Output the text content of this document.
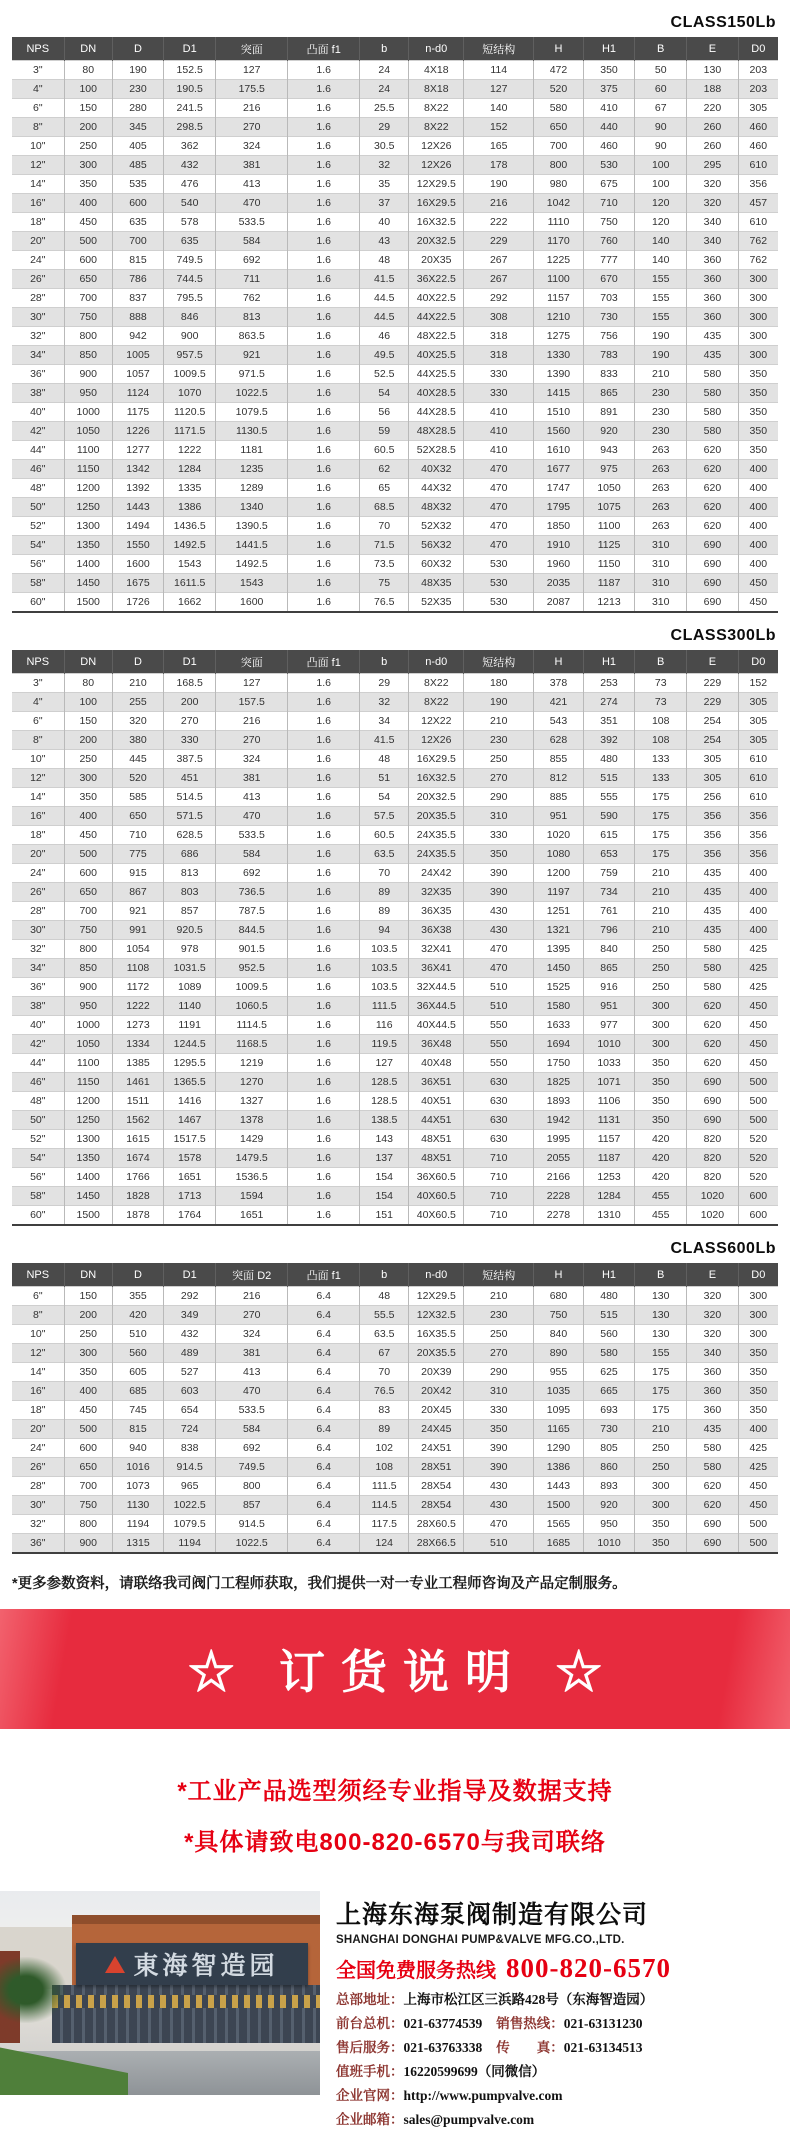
CLASS150Lb
NPS	DN	D	D1	突面	凸面 f1	b	n-d0	短结构	H	H1	B	E	D0
3"	80	190	152.5	127	1.6	24	4X18	114	472	350	50	130	203
4"	100	230	190.5	175.5	1.6	24	8X18	127	520	375	60	188	203
6"	150	280	241.5	216	1.6	25.5	8X22	140	580	410	67	220	305
8"	200	345	298.5	270	1.6	29	8X22	152	650	440	90	260	460
10"	250	405	362	324	1.6	30.5	12X26	165	700	460	90	260	460
12"	300	485	432	381	1.6	32	12X26	178	800	530	100	295	610
14"	350	535	476	413	1.6	35	12X29.5	190	980	675	100	320	356
16"	400	600	540	470	1.6	37	16X29.5	216	1042	710	120	320	457
18"	450	635	578	533.5	1.6	40	16X32.5	222	1110	750	120	340	610
20"	500	700	635	584	1.6	43	20X32.5	229	1170	760	140	340	762
24"	600	815	749.5	692	1.6	48	20X35	267	1225	777	140	360	762
26"	650	786	744.5	711	1.6	41.5	36X22.5	267	1100	670	155	360	300
28"	700	837	795.5	762	1.6	44.5	40X22.5	292	1157	703	155	360	300
30"	750	888	846	813	1.6	44.5	44X22.5	308	1210	730	155	360	300
32"	800	942	900	863.5	1.6	46	48X22.5	318	1275	756	190	435	300
34"	850	1005	957.5	921	1.6	49.5	40X25.5	318	1330	783	190	435	300
36"	900	1057	1009.5	971.5	1.6	52.5	44X25.5	330	1390	833	210	580	350
38"	950	1124	1070	1022.5	1.6	54	40X28.5	330	1415	865	230	580	350
40"	1000	1175	1120.5	1079.5	1.6	56	44X28.5	410	1510	891	230	580	350
42"	1050	1226	1171.5	1130.5	1.6	59	48X28.5	410	1560	920	230	580	350
44"	1100	1277	1222	1181	1.6	60.5	52X28.5	410	1610	943	263	620	350
46"	1150	1342	1284	1235	1.6	62	40X32	470	1677	975	263	620	400
48"	1200	1392	1335	1289	1.6	65	44X32	470	1747	1050	263	620	400
50"	1250	1443	1386	1340	1.6	68.5	48X32	470	1795	1075	263	620	400
52"	1300	1494	1436.5	1390.5	1.6	70	52X32	470	1850	1100	263	620	400
54"	1350	1550	1492.5	1441.5	1.6	71.5	56X32	470	1910	1125	310	690	400
56"	1400	1600	1543	1492.5	1.6	73.5	60X32	530	1960	1150	310	690	400
58"	1450	1675	1611.5	1543	1.6	75	48X35	530	2035	1187	310	690	450
60"	1500	1726	1662	1600	1.6	76.5	52X35	530	2087	1213	310	690	450
CLASS300Lb
NPS	DN	D	D1	突面	凸面 f1	b	n-d0	短结构	H	H1	B	E	D0
3"	80	210	168.5	127	1.6	29	8X22	180	378	253	73	229	152
4"	100	255	200	157.5	1.6	32	8X22	190	421	274	73	229	305
6"	150	320	270	216	1.6	34	12X22	210	543	351	108	254	305
8"	200	380	330	270	1.6	41.5	12X26	230	628	392	108	254	305
10"	250	445	387.5	324	1.6	48	16X29.5	250	855	480	133	305	610
12"	300	520	451	381	1.6	51	16X32.5	270	812	515	133	305	610
14"	350	585	514.5	413	1.6	54	20X32.5	290	885	555	175	256	610
16"	400	650	571.5	470	1.6	57.5	20X35.5	310	951	590	175	356	356
18"	450	710	628.5	533.5	1.6	60.5	24X35.5	330	1020	615	175	356	356
20"	500	775	686	584	1.6	63.5	24X35.5	350	1080	653	175	356	356
24"	600	915	813	692	1.6	70	24X42	390	1200	759	210	435	400
26"	650	867	803	736.5	1.6	89	32X35	390	1197	734	210	435	400
28"	700	921	857	787.5	1.6	89	36X35	430	1251	761	210	435	400
30"	750	991	920.5	844.5	1.6	94	36X38	430	1321	796	210	435	400
32"	800	1054	978	901.5	1.6	103.5	32X41	470	1395	840	250	580	425
34"	850	1108	1031.5	952.5	1.6	103.5	36X41	470	1450	865	250	580	425
36"	900	1172	1089	1009.5	1.6	103.5	32X44.5	510	1525	916	250	580	425
38"	950	1222	1140	1060.5	1.6	111.5	36X44.5	510	1580	951	300	620	450
40"	1000	1273	1191	1114.5	1.6	116	40X44.5	550	1633	977	300	620	450
42"	1050	1334	1244.5	1168.5	1.6	119.5	36X48	550	1694	1010	300	620	450
44"	1100	1385	1295.5	1219	1.6	127	40X48	550	1750	1033	350	620	450
46"	1150	1461	1365.5	1270	1.6	128.5	36X51	630	1825	1071	350	690	500
48"	1200	1511	1416	1327	1.6	128.5	40X51	630	1893	1106	350	690	500
50"	1250	1562	1467	1378	1.6	138.5	44X51	630	1942	1131	350	690	500
52"	1300	1615	1517.5	1429	1.6	143	48X51	630	1995	1157	420	820	520
54"	1350	1674	1578	1479.5	1.6	137	48X51	710	2055	1187	420	820	520
56"	1400	1766	1651	1536.5	1.6	154	36X60.5	710	2166	1253	420	820	520
58"	1450	1828	1713	1594	1.6	154	40X60.5	710	2228	1284	455	1020	600
60"	1500	1878	1764	1651	1.6	151	40X60.5	710	2278	1310	455	1020	600
CLASS600Lb
NPS	DN	D	D1	突面 D2	凸面 f1	b	n-d0	短结构	H	H1	B	E	D0
6"	150	355	292	216	6.4	48	12X29.5	210	680	480	130	320	300
8"	200	420	349	270	6.4	55.5	12X32.5	230	750	515	130	320	300
10"	250	510	432	324	6.4	63.5	16X35.5	250	840	560	130	320	300
12"	300	560	489	381	6.4	67	20X35.5	270	890	580	155	340	350
14"	350	605	527	413	6.4	70	20X39	290	955	625	175	360	350
16"	400	685	603	470	6.4	76.5	20X42	310	1035	665	175	360	350
18"	450	745	654	533.5	6.4	83	20X45	330	1095	693	175	360	350
20"	500	815	724	584	6.4	89	24X45	350	1165	730	210	435	400
24"	600	940	838	692	6.4	102	24X51	390	1290	805	250	580	425
26"	650	1016	914.5	749.5	6.4	108	28X51	390	1386	860	250	580	425
28"	700	1073	965	800	6.4	111.5	28X54	430	1443	893	300	620	450
30"	750	1130	1022.5	857	6.4	114.5	28X54	430	1500	920	300	620	450
32"	800	1194	1079.5	914.5	6.4	117.5	28X60.5	470	1565	950	350	690	500
36"	900	1315	1194	1022.5	6.4	124	28X66.5	510	1685	1010	350	690	500
*更多参数资料，请联络我司阀门工程师获取，我们提供一对一专业工程师咨询及产品定制服务。
☆ 订货说明 ☆
*工业产品选型须经专业指导及数据支持
*具体请致电800-820-6570与我司联络
東海智造园
上海东海泵阀制造有限公司
SHANGHAI DONGHAI PUMP&VALVE MFG.CO.,LTD.
全国免费服务热线 800-820-6570
总部地址：上海市松江区三浜路428号（东海智造园）
前台总机：021-63774539 销售热线：021-63131230
售后服务：021-63763338 传　　真：021-63134513
值班手机：16220599699（同微信）
企业官网：http://www.pumpvalve.com
企业邮箱：sales@pumpvalve.com
